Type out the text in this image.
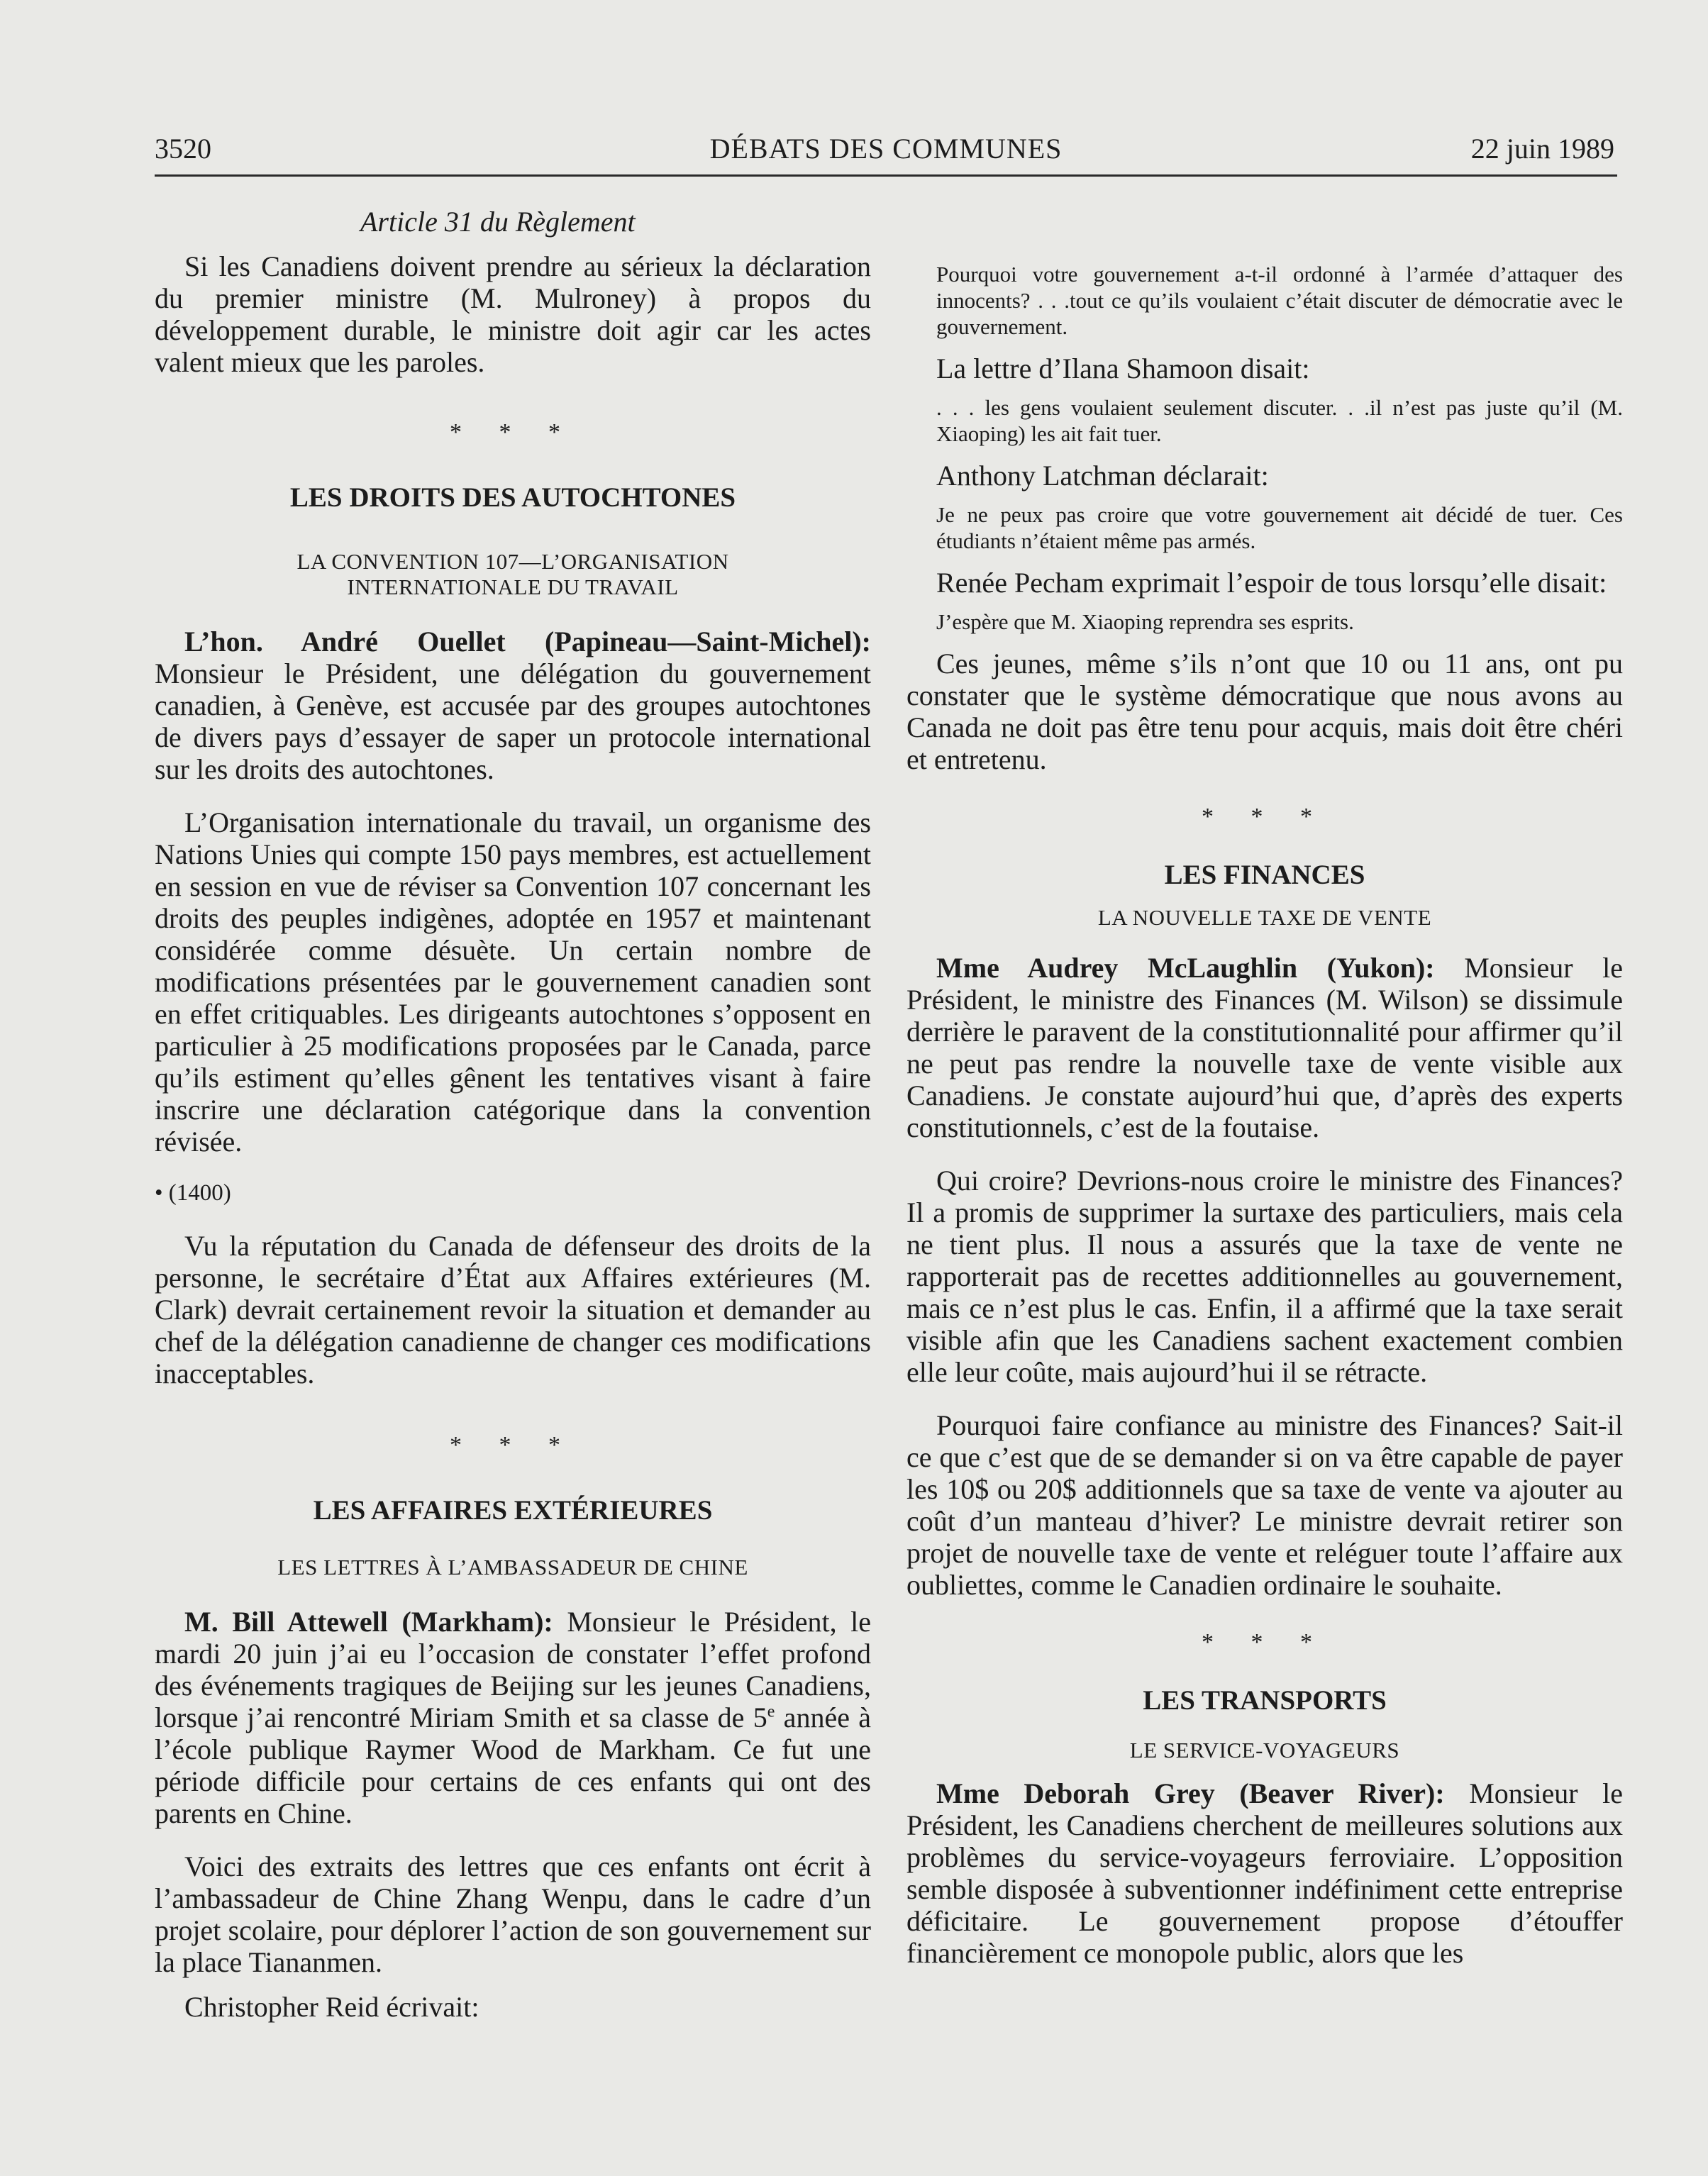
3520	DÉBATS DES COMMUNES	22 juin 1989
Article 31 du Règlement

Si les Canadiens doivent prendre au sérieux la déclaration du premier ministre (M. Mulroney) à propos du développement durable, le ministre doit agir car les actes valent mieux que les paroles.

* * *
LES DROITS DES AUTOCHTONES
LA CONVENTION 107—L’ORGANISATION
INTERNATIONALE DU TRAVAIL

L’hon. André Ouellet (Papineau—Saint-Michel): Monsieur le Président, une délégation du gouvernement canadien, à Genève, est accusée par des groupes autochtones de divers pays d’essayer de saper un protocole international sur les droits des autochtones.

L’Organisation internationale du travail, un organisme des Nations Unies qui compte 150 pays membres, est actuellement en session en vue de réviser sa Convention 107 concernant les droits des peuples indigènes, adoptée en 1957 et maintenant considérée comme désuète. Un certain nombre de modifications présentées par le gouvernement canadien sont en effet critiquables. Les dirigeants autochtones s’opposent en particulier à 25 modifications proposées par le Canada, parce qu’ils estiment qu’elles gênent les tentatives visant à faire inscrire une déclaration catégorique dans la convention révisée.

• (1400)

Vu la réputation du Canada de défenseur des droits de la personne, le secrétaire d’État aux Affaires extérieures (M. Clark) devrait certainement revoir la situation et demander au chef de la délégation canadienne de changer ces modifications inacceptables.

* * *
LES AFFAIRES EXTÉRIEURES
LES LETTRES À L’AMBASSADEUR DE CHINE

M. Bill Attewell (Markham): Monsieur le Président, le mardi 20 juin j’ai eu l’occasion de constater l’effet profond des événements tragiques de Beijing sur les jeunes Canadiens, lorsque j’ai rencontré Miriam Smith et sa classe de 5e année à l’école publique Raymer Wood de Markham. Ce fut une période difficile pour certains de ces enfants qui ont des parents en Chine.

Voici des extraits des lettres que ces enfants ont écrit à l’ambassadeur de Chine Zhang Wenpu, dans le cadre d’un projet scolaire, pour déplorer l’action de son gouvernement sur la place Tiananmen.

Christopher Reid écrivait:

Pourquoi votre gouvernement a-t-il ordonné à l’armée d’attaquer des innocents? . . .tout ce qu’ils voulaient c’était discuter de démocratie avec le gouvernement.

La lettre d’Ilana Shamoon disait:

. . . les gens voulaient seulement discuter. . .il n’est pas juste qu’il (M. Xiaoping) les ait fait tuer.

Anthony Latchman déclarait:

Je ne peux pas croire que votre gouvernement ait décidé de tuer. Ces étudiants n’étaient même pas armés.

Renée Pecham exprimait l’espoir de tous lorsqu’elle disait:

J’espère que M. Xiaoping reprendra ses esprits.

Ces jeunes, même s’ils n’ont que 10 ou 11 ans, ont pu constater que le système démocratique que nous avons au Canada ne doit pas être tenu pour acquis, mais doit être chéri et entretenu.

* * *
LES FINANCES
LA NOUVELLE TAXE DE VENTE

Mme Audrey McLaughlin (Yukon): Monsieur le Président, le ministre des Finances (M. Wilson) se dissimule derrière le paravent de la constitutionnalité pour affirmer qu’il ne peut pas rendre la nouvelle taxe de vente visible aux Canadiens. Je constate aujourd’hui que, d’après des experts constitutionnels, c’est de la foutaise.

Qui croire? Devrions-nous croire le ministre des Finances? Il a promis de supprimer la surtaxe des particuliers, mais cela ne tient plus. Il nous a assurés que la taxe de vente ne rapporterait pas de recettes additionnelles au gouvernement, mais ce n’est plus le cas. Enfin, il a affirmé que la taxe serait visible afin que les Canadiens sachent exactement combien elle leur coûte, mais aujourd’hui il se rétracte.

Pourquoi faire confiance au ministre des Finances? Sait-il ce que c’est que de se demander si on va être capable de payer les 10$ ou 20$ additionnels que sa taxe de vente va ajouter au coût d’un manteau d’hiver? Le ministre devrait retirer son projet de nouvelle taxe de vente et reléguer toute l’affaire aux oubliettes, comme le Canadien ordinaire le souhaite.

* * *
LES TRANSPORTS
LE SERVICE-VOYAGEURS

Mme Deborah Grey (Beaver River): Monsieur le Président, les Canadiens cherchent de meilleures solutions aux problèmes du service-voyageurs ferroviaire. L’opposition semble disposée à subventionner indéfiniment cette entreprise déficitaire. Le gouvernement propose d’étouffer financièrement ce monopole public, alors que les
